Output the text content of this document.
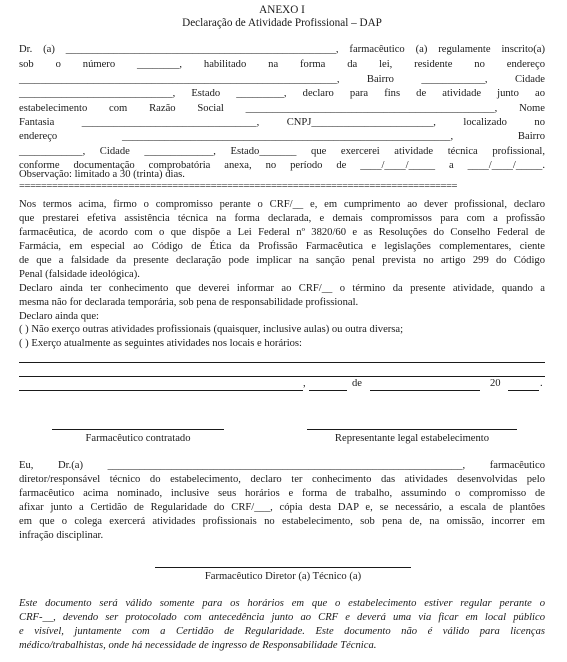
ANEXO I
Declaração de Atividade Profissional – DAP
Dr. (a) ___________________________________________________, farmacêutico (a) regulamente inscrito(a)
sob o número ________, habilitado na forma da lei, residente no endereço
____________________________________________________________, Bairro ____________, Cidade
_____________________________, Estado _________, declaro para fins de atividade junto ao
estabelecimento com Razão Social _______________________________________________, Nome
Fantasia _________________________________, CNPJ_______________________, localizado no
endereço ______________________________________________________________, Bairro
____________, Cidade _____________, Estado_______ que exercerei atividade técnica profissional,
conforme documentação comprobatória anexa, no período de ____/____/_____ a ____/____/_____.
Observação: limitado a 30 (trinta) dias.
================================================================================
Nos termos acima, firmo o compromisso perante o CRF/__ e, em cumprimento ao dever profissional, declaro
que prestarei efetiva assistência técnica na forma declarada, e demais compromissos para com a profissão
farmacêutica, de acordo com o que dispõe a Lei Federal nº 3820/60 e as Resoluções do Conselho Federal de
Farmácia, em especial ao Código de Ética da Profissão Farmacêutica e legislações complementares, ciente
de que a falsidade da presente declaração pode implicar na sanção penal prevista no artigo 299 do Código
Penal (falsidade ideológica).
Declaro ainda ter conhecimento que deverei informar ao CRF/__ o término da presente atividade, quando a
mesma não for declarada temporária, sob pena de responsabilidade profissional.
Declaro ainda que:
( ) Não exerço outras atividades profissionais (quaisquer, inclusive aulas) ou outra diversa;
( ) Exerço atualmente as seguintes atividades nos locais e horários:
,	de	20	.
Farmacêutico contratado	Representante legal estabelecimento
Eu, Dr.(a) ___________________________________________________________________, farmacêutico
diretor/responsável técnico do estabelecimento, declaro ter conhecimento das atividades desenvolvidas pelo
farmacêutico acima nominado, inclusive seus horários e forma de trabalho, assumindo o compromisso de
afixar junto a Certidão de Regularidade do CRF/___, cópia desta DAP e, se necessário, a escala de plantões
em que o colega exercerá atividades profissionais no estabelecimento, sob pena de, na omissão, incorrer em
infração disciplinar.
Farmacêutico Diretor (a) Técnico (a)
Este documento será válido somente para os horários em que o estabelecimento estiver regular perante o
CRF-__, devendo ser protocolado com antecedência junto ao CRF e deverá uma via ficar em local público
e visível, juntamente com a Certidão de Regularidade. Este documento não é válido para licenças
médico/trabalhistas, onde há necessidade de ingresso de Responsabilidade Técnica.
